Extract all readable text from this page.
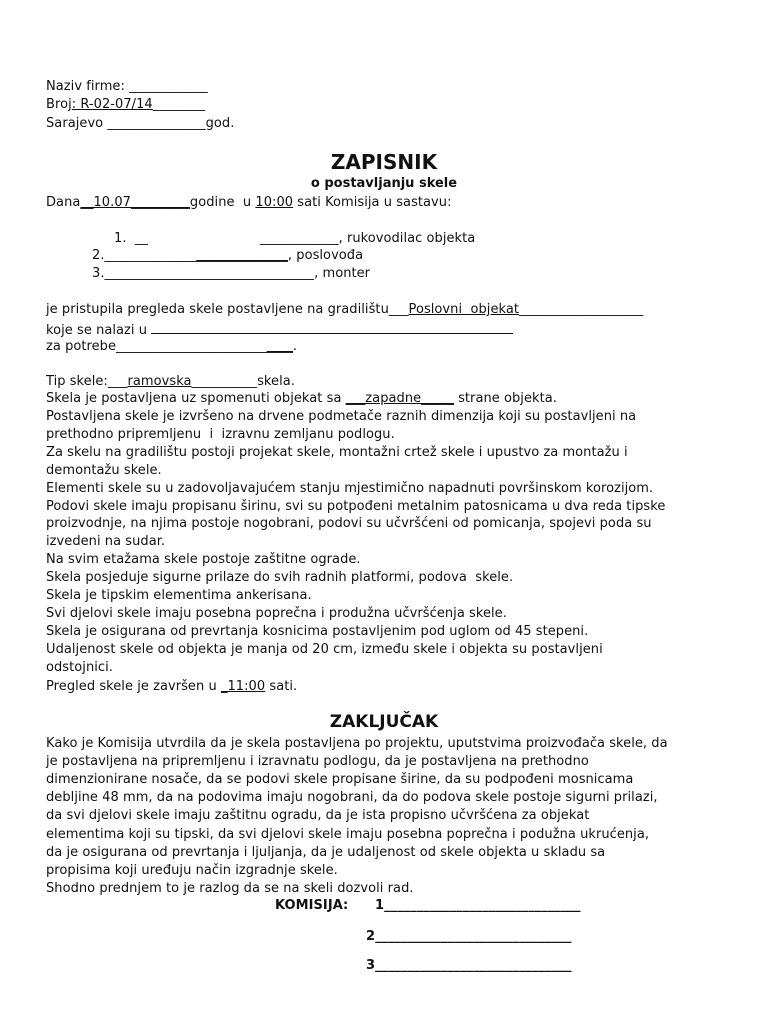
Naziv firme: ____________
Broj: R-02-07/14________
Sarajevo _______________god.
ZAPISNIK
o postavljanju skele
Dana__10.07_________godine  u 10:00 sati Komisija u sastavu:
1.  __	____________, rukovodilac objekta
2.____________________________, poslovođa
3.________________________________, monter
je pristupila pregleda skele postavljene na gradilištu___Poslovni  objekat___________________
koje se nalazi u
za potrebe___________________________.
Tip skele:___ramovska__________skela.
Skela je postavljena uz spomenuti objekat sa ___zapadne_____ strane objekta.
Postavljena skele je izvršeno na drvene podmetače raznih dimenzija koji su postavljeni na
prethodno pripremljenu  i  izravnu zemljanu podlogu.
Za skelu na gradilištu postoji projekat skele, montažni crtež skele i upustvo za montažu i
demontažu skele.
Elementi skele su u zadovoljavajućem stanju mjestimično napadnuti površinskom korozijom.
Podovi skele imaju propisanu širinu, svi su potpođeni metalnim patosnicama u dva reda tipske
proizvodnje, na njima postoje nogobrani, podovi su učvršćeni od pomicanja, spojevi poda su
izvedeni na sudar.
Na svim etažama skele postoje zaštitne ograde.
Skela posjeduje sigurne prilaze do svih radnih platformi, podova  skele.
Skela je tipskim elementima ankerisana.
Svi djelovi skele imaju posebna poprečna i produžna učvršćenja skele.
Skela je osigurana od prevrtanja kosnicima postavljenim pod uglom od 45 stepeni.
Udaljenost skele od objekta je manja od 20 cm, između skele i objekta su postavljeni
odstojnici.
Pregled skele je završen u _11:00 sati.
ZAKLJUČAK
Kako je Komisija utvrdila da je skela postavljena po projektu, uputstvima proizvođača skele, da
je postavljena na pripremljenu i izravnatu podlogu, da je postavljena na prethodno
dimenzionirane nosače, da se podovi skele propisane širine, da su podpođeni mosnicama
debljine 48 mm, da na podovima imaju nogobrani, da do podova skele postoje sigurni prilazi,
da svi djelovi skele imaju zaštitnu ogradu, da je ista propisno učvršćena za objekat
elementima koji su tipski, da svi djelovi skele imaju posebna poprečna i podužna ukrućenja,
da je osigurana od prevrtanja i ljuljanja, da je udaljenost od skele objekta u skladu sa
propisima koji uređuju način izgradnje skele.
Shodno prednjem to je razlog da se na skeli dozvoli rad.
KOMISIJA: 1______________________________
2______________________________
3______________________________
